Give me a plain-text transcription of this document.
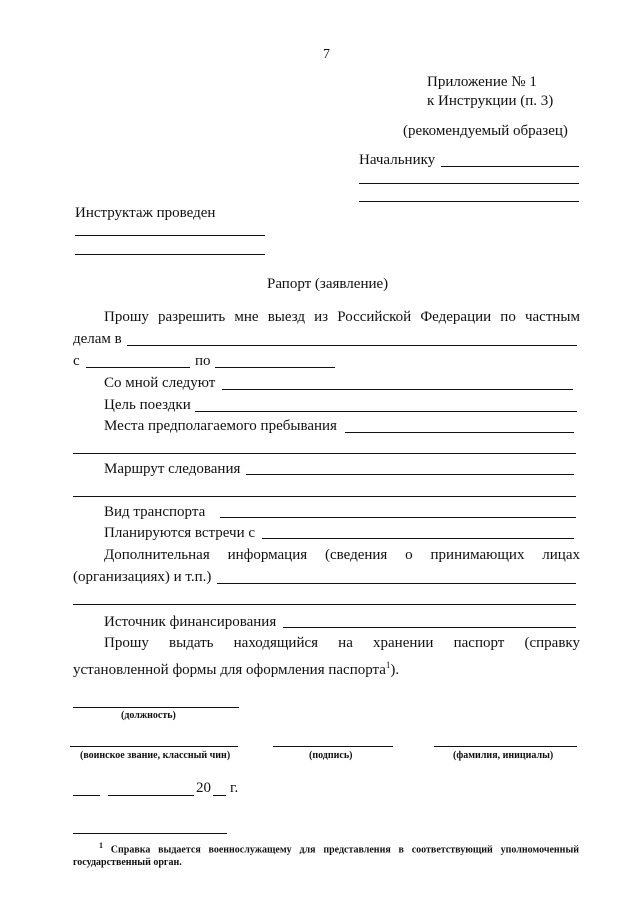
7
Приложение № 1
к Инструкции (п. 3)
(рекомендуемый образец)
Начальнику
Инструктаж проведен
Рапорт (заявление)
Прошу разрешить мне выезд из Российской Федерации по частным
делам в
с	по
Со мной следуют
Цель поездки
Места предполагаемого пребывания
Маршрут следования
Вид транспорта
Планируются встречи с
Дополнительная информация (сведения о принимающих лицах
(организациях) и т.п.)
Источник финансирования
Прошу выдать находящийся на хранении паспорт (справку
установленной формы для оформления паспорта$^1$).
(должность)
(воинское звание, классный чин)	(подпись)	(фамилия, инициалы)
20 г.
$^1$ Справка выдается военнослужащему для представления в соответствующий уполномоченный государственный орган.
